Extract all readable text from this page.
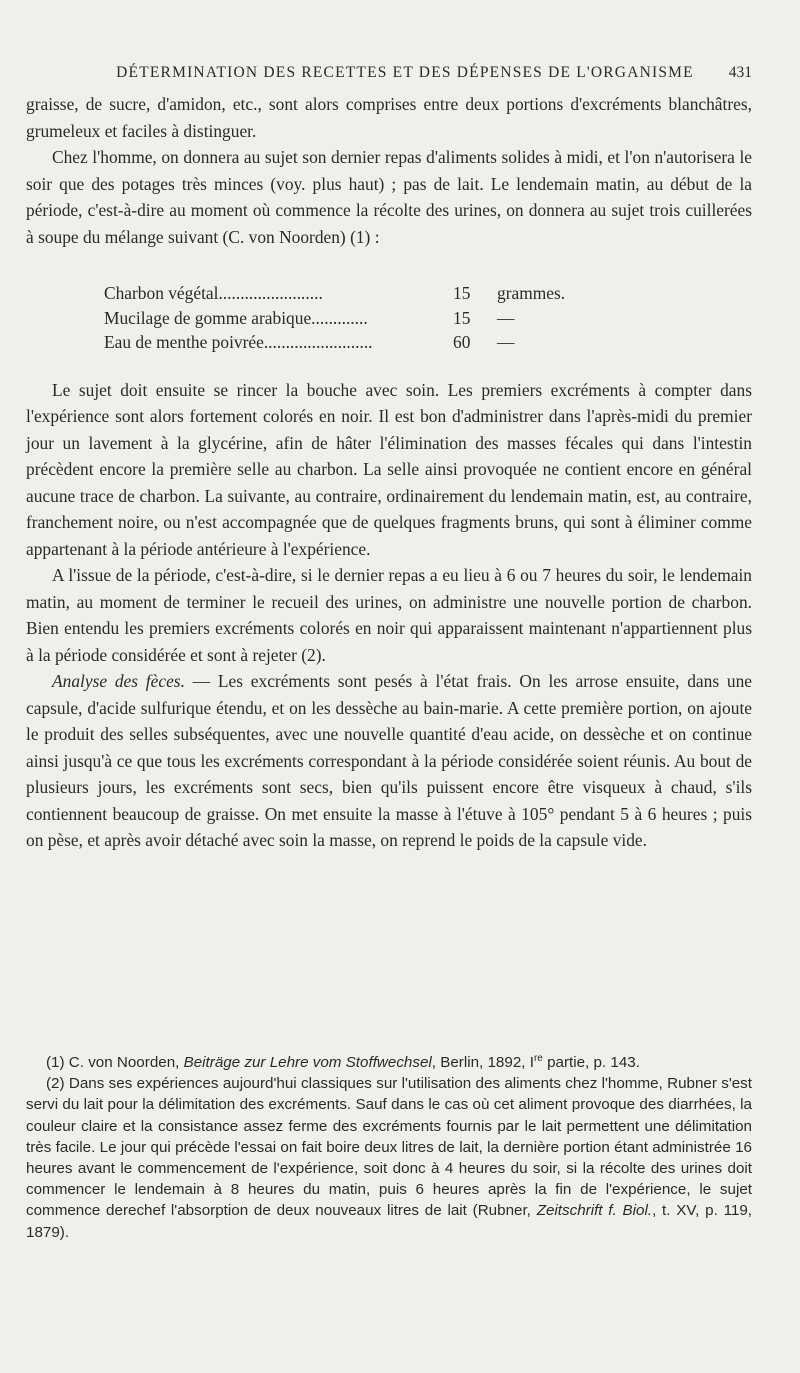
DÉTERMINATION DES RECETTES ET DES DÉPENSES DE L'ORGANISME 431

graisse, de sucre, d'amidon, etc., sont alors comprises entre deux portions d'excréments blanchâtres, grumeleux et faciles à distinguer.

Chez l'homme, on donnera au sujet son dernier repas d'aliments solides à midi, et l'on n'autorisera le soir que des potages très minces (voy. plus haut) ; pas de lait. Le lendemain matin, au début de la période, c'est-à-dire au moment où commence la récolte des urines, on donnera au sujet trois cuillerées à soupe du mélange suivant (C. von Noorden) (1) :

Charbon végétal........................	15	grammes.
Mucilage de gomme arabique.............	15	—
Eau de menthe poivrée.........................	60	—

Le sujet doit ensuite se rincer la bouche avec soin. Les premiers excréments à compter dans l'expérience sont alors fortement colorés en noir. Il est bon d'administrer dans l'après-midi du premier jour un lavement à la glycérine, afin de hâter l'élimination des masses fécales qui dans l'intestin précèdent encore la première selle au charbon. La selle ainsi provoquée ne contient encore en général aucune trace de charbon. La suivante, au contraire, ordinairement du lendemain matin, est, au contraire, franchement noire, ou n'est accompagnée que de quelques fragments bruns, qui sont à éliminer comme appartenant à la période antérieure à l'expérience.

A l'issue de la période, c'est-à-dire, si le dernier repas a eu lieu à 6 ou 7 heures du soir, le lendemain matin, au moment de terminer le recueil des urines, on administre une nouvelle portion de charbon. Bien entendu les premiers excréments colorés en noir qui apparaissent maintenant n'appartiennent plus à la période considérée et sont à rejeter (2).

Analyse des fèces. — Les excréments sont pesés à l'état frais. On les arrose ensuite, dans une capsule, d'acide sulfurique étendu, et on les dessèche au bain-marie. A cette première portion, on ajoute le produit des selles subséquentes, avec une nouvelle quantité d'eau acide, on dessèche et on continue ainsi jusqu'à ce que tous les excréments correspondant à la période considérée soient réunis. Au bout de plusieurs jours, les excréments sont secs, bien qu'ils puissent encore être visqueux à chaud, s'ils contiennent beaucoup de graisse. On met ensuite la masse à l'étuve à 105° pendant 5 à 6 heures ; puis on pèse, et après avoir détaché avec soin la masse, on reprend le poids de la capsule vide.

(1) C. von Noorden, Beiträge zur Lehre vom Stoffwechsel, Berlin, 1892, Ire partie, p. 143.

(2) Dans ses expériences aujourd'hui classiques sur l'utilisation des aliments chez l'homme, Rubner s'est servi du lait pour la délimitation des excréments. Sauf dans le cas où cet aliment provoque des diarrhées, la couleur claire et la consistance assez ferme des excréments fournis par le lait permettent une délimitation très facile. Le jour qui précède l'essai on fait boire deux litres de lait, la dernière portion étant administrée 16 heures avant le commencement de l'expérience, soit donc à 4 heures du soir, si la récolte des urines doit commencer le lendemain à 8 heures du matin, puis 6 heures après la fin de l'expérience, le sujet commence derechef l'absorption de deux nouveaux litres de lait (Rubner, Zeitschrift f. Biol., t. XV, p. 119, 1879).
